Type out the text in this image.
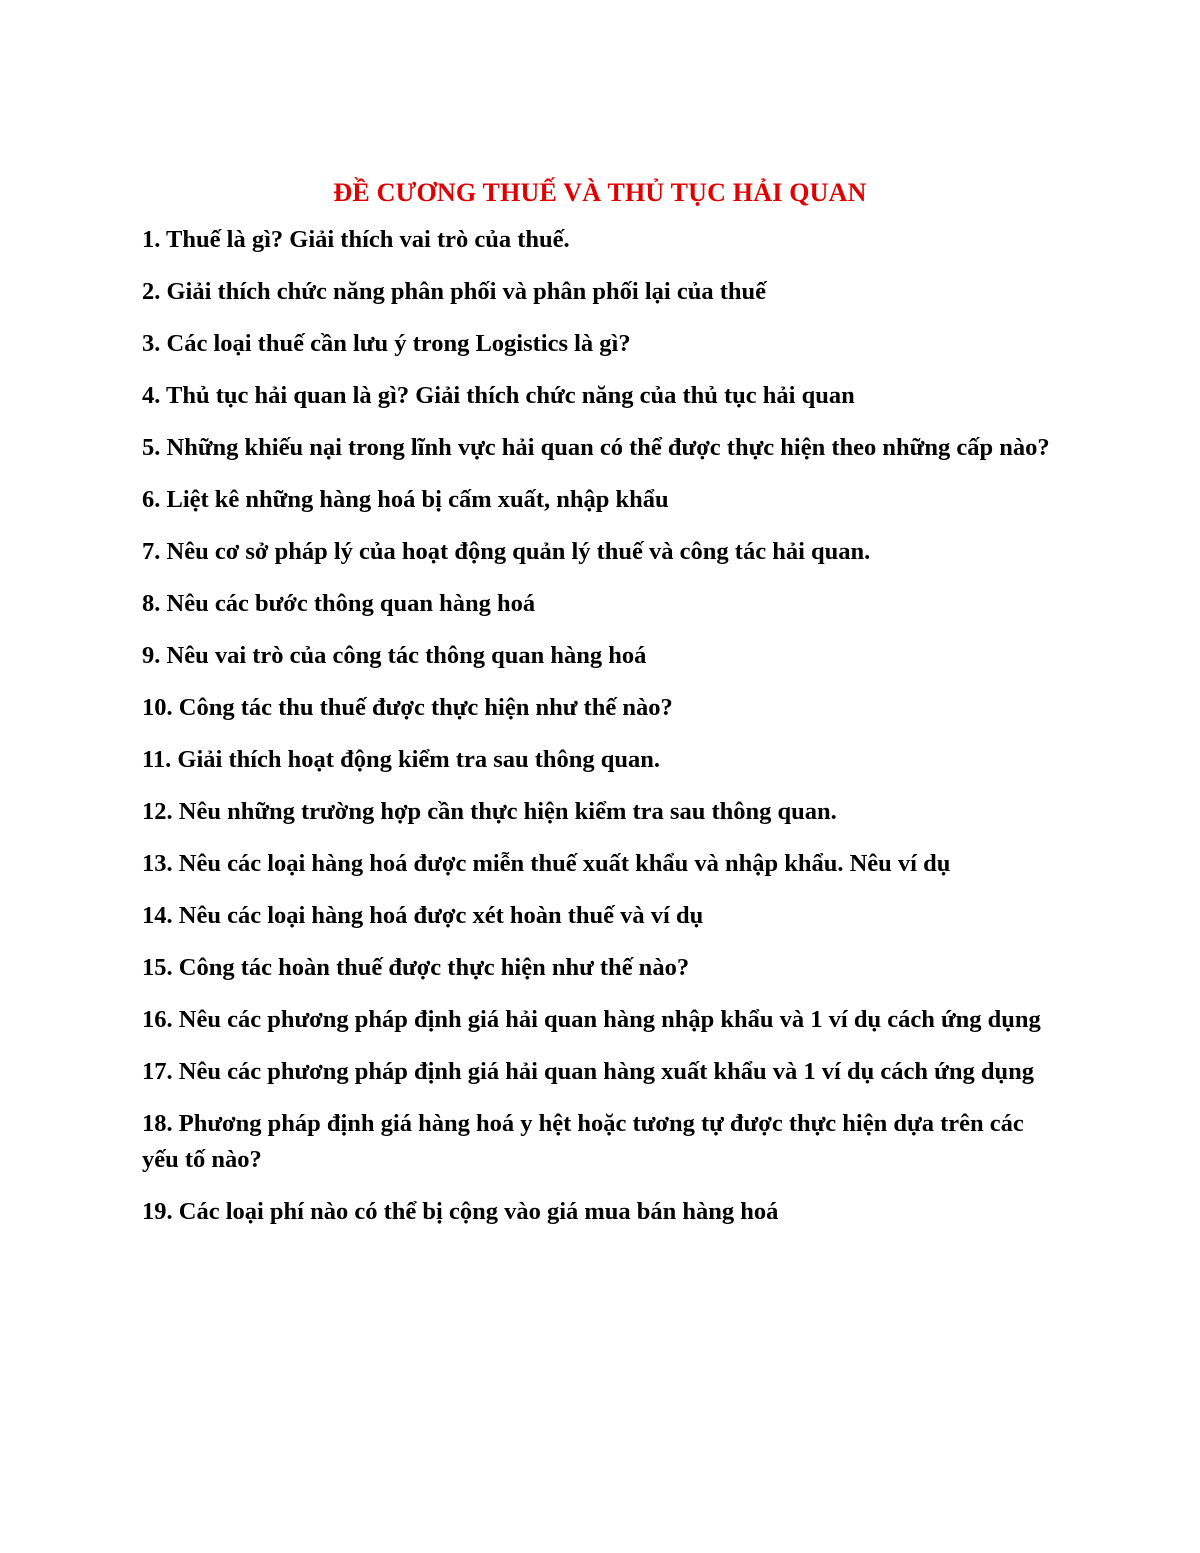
ĐỀ CƯƠNG THUẾ VÀ THỦ TỤC HẢI QUAN
1. Thuế là gì? Giải thích vai trò của thuế.
2. Giải thích chức năng phân phối và phân phối lại của thuế
3. Các loại thuế cần lưu ý trong Logistics là gì?
4. Thủ tục hải quan là gì? Giải thích chức năng của thủ tục hải quan
5. Những khiếu nại trong lĩnh vực hải quan có thể được thực hiện theo những cấp nào?
6. Liệt kê những hàng hoá bị cấm xuất, nhập khẩu
7. Nêu cơ sở pháp lý của hoạt động quản lý thuế và công tác hải quan.
8. Nêu các bước thông quan hàng hoá
9. Nêu vai trò của công tác thông quan hàng hoá
10. Công tác thu thuế được thực hiện như thế nào?
11. Giải thích hoạt động kiểm tra sau thông quan.
12. Nêu những trường hợp cần thực hiện kiểm tra sau thông quan.
13. Nêu các loại hàng hoá được miễn thuế xuất khẩu và nhập khẩu. Nêu ví dụ
14. Nêu các loại hàng hoá được xét hoàn thuế và ví dụ
15. Công tác hoàn thuế được thực hiện như thế nào?
16. Nêu các phương pháp định giá hải quan hàng nhập khẩu và 1 ví dụ cách ứng dụng
17. Nêu các phương pháp định giá hải quan hàng xuất khẩu và 1 ví dụ cách ứng dụng
18. Phương pháp định giá hàng hoá y hệt hoặc tương tự được thực hiện dựa trên các yếu tố nào?
19. Các loại phí nào có thể bị cộng vào giá mua bán hàng hoá
